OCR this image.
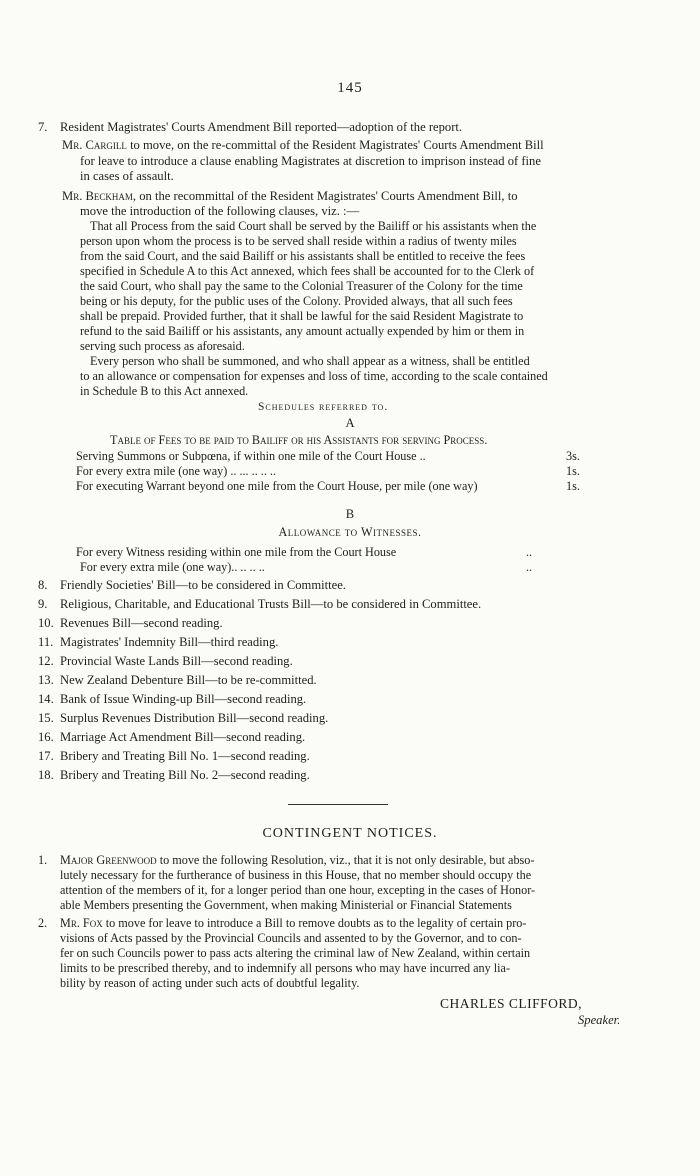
145
7. Resident Magistrates' Courts Amendment Bill reported—adoption of the report.
Mr. Cargill to move, on the re-committal of the Resident Magistrates' Courts Amendment Bill
for leave to introduce a clause enabling Magistrates at discretion to imprison instead of fine
in cases of assault.
Mr. Beckham, on the recommittal of the Resident Magistrates' Courts Amendment Bill, to
move the introduction of the following clauses, viz. :—
That all Process from the said Court shall be served by the Bailiff or his assistants when the
person upon whom the process is to be served shall reside within a radius of twenty miles
from the said Court, and the said Bailiff or his assistants shall be entitled to receive the fees
specified in Schedule A to this Act annexed, which fees shall be accounted for to the Clerk of
the said Court, who shall pay the same to the Colonial Treasurer of the Colony for the time
being or his deputy, for the public uses of the Colony. Provided always, that all such fees
shall be prepaid. Provided further, that it shall be lawful for the said Resident Magistrate to
refund to the said Bailiff or his assistants, any amount actually expended by him or them in
serving such process as aforesaid.
Every person who shall be summoned, and who shall appear as a witness, shall be entitled
to an allowance or compensation for expenses and loss of time, according to the scale contained
in Schedule B to this Act annexed.
Schedules referred to.
A
Table of Fees to be paid to Bailiff or his Assistants for serving Process.
Serving Summons or Subpœna, if within one mile of the Court House ..	3s.
For every extra mile (one way) .. ... .. .. ..	1s.
For executing Warrant beyond one mile from the Court House, per mile (one way)	1s.
B
Allowance to Witnesses.
For every Witness residing within one mile from the Court House	..
For every extra mile (one way).. .. .. ..	..
8. Friendly Societies' Bill—to be considered in Committee.
9. Religious, Charitable, and Educational Trusts Bill—to be considered in Committee.
10. Revenues Bill—second reading.
11. Magistrates' Indemnity Bill—third reading.
12. Provincial Waste Lands Bill—second reading.
13. New Zealand Debenture Bill—to be re-committed.
14. Bank of Issue Winding-up Bill—second reading.
15. Surplus Revenues Distribution Bill—second reading.
16. Marriage Act Amendment Bill—second reading.
17. Bribery and Treating Bill No. 1—second reading.
18. Bribery and Treating Bill No. 2—second reading.
CONTINGENT NOTICES.
1. Major Greenwood to move the following Resolution, viz., that it is not only desirable, but abso-
lutely necessary for the furtherance of business in this House, that no member should occupy the
attention of the members of it, for a longer period than one hour, excepting in the cases of Honor-
able Members presenting the Government, when making Ministerial or Financial Statements
2. Mr. Fox to move for leave to introduce a Bill to remove doubts as to the legality of certain pro-
visions of Acts passed by the Provincial Councils and assented to by the Governor, and to con-
fer on such Councils power to pass acts altering the criminal law of New Zealand, within certain
limits to be prescribed thereby, and to indemnify all persons who may have incurred any lia-
bility by reason of acting under such acts of doubtful legality.
CHARLES CLIFFORD,
Speaker.
